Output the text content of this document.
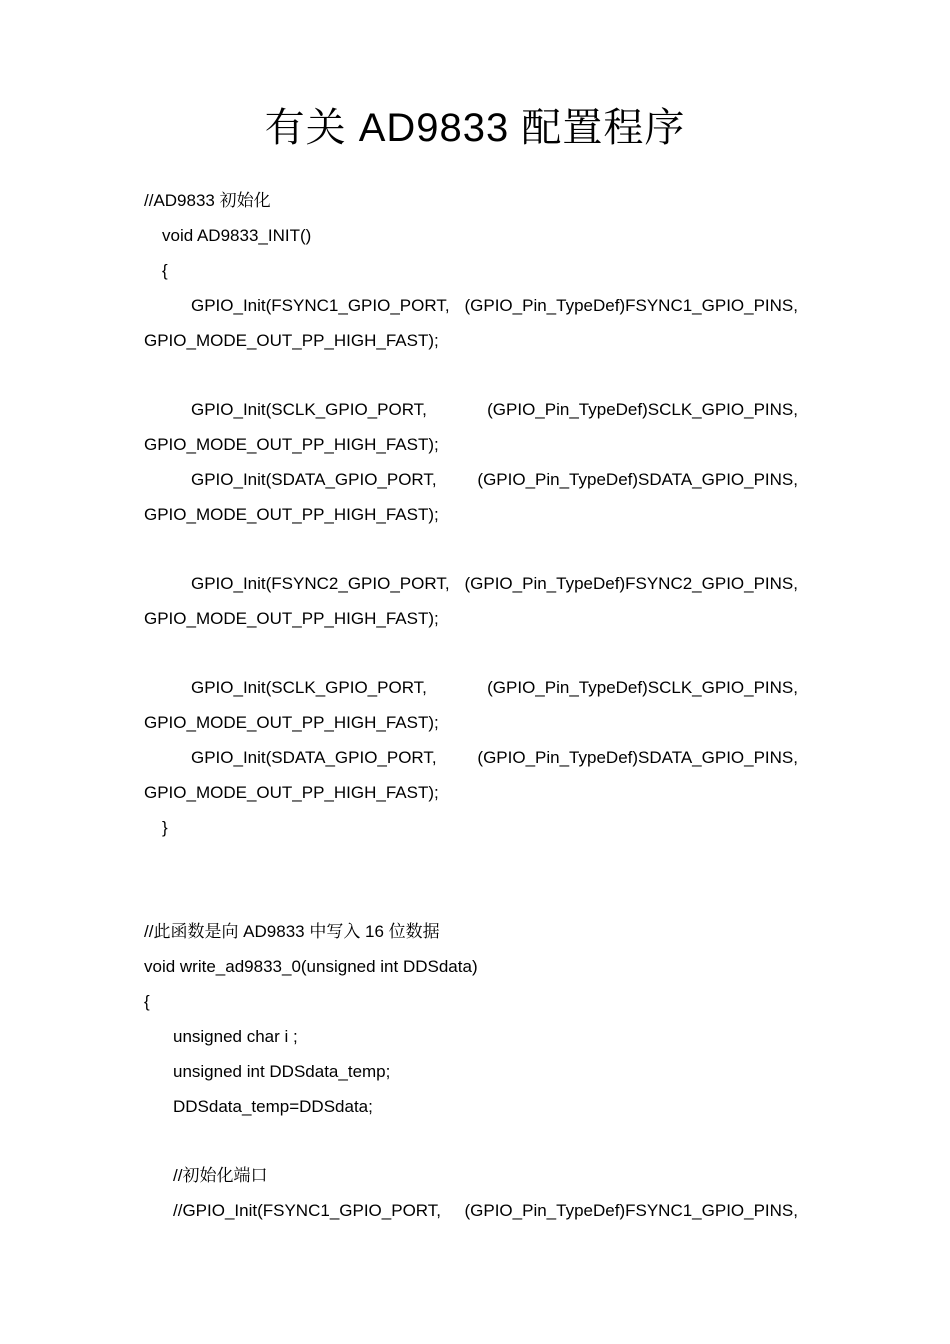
有关 AD9833 配置程序
//AD9833 初始化
void AD9833_INIT()
{
GPIO_Init(FSYNC1_GPIO_PORT, (GPIO_Pin_TypeDef)FSYNC1_GPIO_PINS,
GPIO_MODE_OUT_PP_HIGH_FAST);
GPIO_Init(SCLK_GPIO_PORT,	(GPIO_Pin_TypeDef)SCLK_GPIO_PINS,
GPIO_MODE_OUT_PP_HIGH_FAST);
GPIO_Init(SDATA_GPIO_PORT, (GPIO_Pin_TypeDef)SDATA_GPIO_PINS,
GPIO_MODE_OUT_PP_HIGH_FAST);
GPIO_Init(FSYNC2_GPIO_PORT, (GPIO_Pin_TypeDef)FSYNC2_GPIO_PINS,
GPIO_MODE_OUT_PP_HIGH_FAST);
GPIO_Init(SCLK_GPIO_PORT,	(GPIO_Pin_TypeDef)SCLK_GPIO_PINS,
GPIO_MODE_OUT_PP_HIGH_FAST);
GPIO_Init(SDATA_GPIO_PORT, (GPIO_Pin_TypeDef)SDATA_GPIO_PINS,
GPIO_MODE_OUT_PP_HIGH_FAST);
}
//此函数是向 AD9833 中写入 16 位数据
void write_ad9833_0(unsigned int DDSdata)
{
unsigned char i ;
unsigned int DDSdata_temp;
DDSdata_temp=DDSdata;
//初始化端口
//GPIO_Init(FSYNC1_GPIO_PORT, (GPIO_Pin_TypeDef)FSYNC1_GPIO_PINS,
